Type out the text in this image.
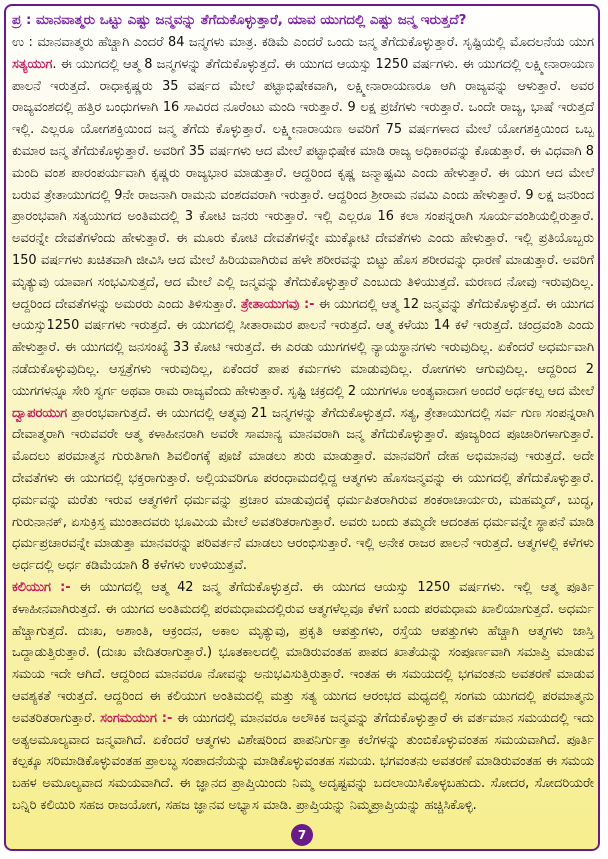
ಪ್ರ : ಮಾನವಾತ್ಮರು ಒಟ್ಟು ಎಷ್ಟು ಜನ್ಮವನ್ನು ತೆಗೆದುಕೊಳ್ಳುತ್ತಾರೆ, ಯಾವ ಯುಗದಲ್ಲಿ ಎಷ್ಟು ಜನ್ಮ ಇರುತ್ತದೆ?
ಉ : ಮಾನವಾತ್ಮರು ಹೆಚ್ಚಾಗಿ ಎಂದರೆ 84 ಜನ್ಮಗಳು ಮಾತ್ರ. ಕಡಿಮೆ ಎಂದರೆ ಒಂದು ಜನ್ಮ ತೆಗೆದುಕೊಳ್ಳುತ್ತಾರೆ. ಸೃಷ್ಟಿಯಲ್ಲಿ ಮೊದಲನೆಯ ಯುಗ ಸತ್ಯಯುಗ. ಈ ಯುಗದಲ್ಲಿ ಆತ್ಮ 8 ಜನ್ಮಗಳನ್ನು ತೆಗೆದುಕೊಳ್ಳುತ್ತದೆ. ಈ ಯುಗದ ಆಯಸ್ಸು 1250 ವರ್ಷಗಳು. ಈ ಯುಗದಲ್ಲಿ ಲಕ್ಷ್ಮೀನಾರಾಯಣ ಪಾಲನೆ ಇರುತ್ತದೆ. ರಾಧಾಕೃಷ್ಣರು 35 ವರ್ಷದ ಮೇಲೆ ಪಟ್ಟಾಭಿಷೇಕವಾಗಿ, ಲಕ್ಷ್ಮೀನಾರಾಯಣರೂ ಆಗಿ ರಾಜ್ಯವನ್ನು ಆಳುತ್ತಾರೆ. ಅವರ ರಾಜ್ಯವಂಶದಲ್ಲಿ ಹತ್ತಿರ ಬಂಧುಗಳಾಗಿ 16 ಸಾವಿರದ ನೂರೆಂಟು ಮಂದಿ ಇರುತ್ತಾರೆ. 9 ಲಕ್ಷ ಪ್ರಜೆಗಳು ಇರುತ್ತಾರೆ. ಒಂದೇ ರಾಜ್ಯ, ಭಾಷೆ ಇರುತ್ತದೆ ಇಲ್ಲಿ. ಎಲ್ಲರೂ ಯೋಗಶಕ್ತಿಯಿಂದ ಜನ್ಮ ತೆಗೆದು ಕೊಳ್ಳುತ್ತಾರೆ. ಲಕ್ಷ್ಮೀನಾರಾಯಣ ಅವರಿಗೆ 75 ವರ್ಷಗಳಾದ ಮೇಲೆ ಯೋಗಶಕ್ತಿಯಿಂದ ಒಬ್ಬ ಕುಮಾರ ಜನ್ಮ ತೆಗೆದುಕೊಳ್ಳುತ್ತಾರೆ. ಅವರಿಗೆ 35 ವರ್ಷಗಳು ಆದ ಮೇಲೆ ಪಟ್ಟಾಭಿಷೇಕ ಮಾಡಿ ರಾಜ್ಯ ಅಧಿಕಾರವನ್ನು ಕೊಡುತ್ತಾರೆ. ಈ ವಿಧವಾಗಿ 8 ಮಂದಿ ವಂಶ ಪಾರಂಪರ್ಯವಾಗಿ ಕೃಷ್ಣರು ರಾಜ್ಯಭಾರ ಮಾಡುತ್ತಾರೆ. ಆದ್ದರಿಂದ ಕೃಷ್ಣ ಜನ್ಮಾಷ್ಟಮಿ ಎಂದು ಹೇಳುತ್ತಾರೆ. ಈ ಯುಗ ಆದ ಮೇಲೆ ಬರುವ ತ್ರೇತಾಯುಗದಲ್ಲಿ 9ನೇ ರಾಜನಾಗಿ ರಾಮನು ವಂಶದವರಾಗಿ ಇರುತ್ತಾರೆ. ಆದ್ದರಿಂದ ಶ್ರೀರಾಮ ನವಮಿ ಎಂದು ಹೇಳುತ್ತಾರೆ. 9 ಲಕ್ಷ ಜನರಿಂದ ಪ್ರಾರಂಭವಾಗಿ ಸತ್ಯಯುಗದ ಅಂತಿಮದಲ್ಲಿ 3 ಕೋಟಿ ಜನರು ಇರುತ್ತಾರೆ. ಇಲ್ಲಿ ಎಲ್ಲರೂ 16 ಕಲಾ ಸಂಪನ್ನರಾಗಿ ಸೂರ್ಯವಂಶಿಯಲ್ಲಿರುತ್ತಾರೆ. ಅವರನ್ನೇ ದೇವತೆಗಳೆಂದು ಹೇಳುತ್ತಾರೆ. ಈ ಮೂರು ಕೋಟಿ ದೇವತೆಗಳನ್ನೇ ಮುಕ್ಕೋಟಿ ದೇವತೆಗಳು ಎಂದು ಹೇಳುತ್ತಾರೆ. ಇಲ್ಲಿ ಪ್ರತಿಯೊಬ್ಬರು 150 ವರ್ಷಗಳು ಖಚಿತವಾಗಿ ಜೀವಿಸಿ ಆದ ಮೇಲೆ ಹಿರಿಯವಾಗಿರುವ ಹಳೇ ಶರೀರವನ್ನು ಬಿಟ್ಟು ಹೊಸ ಶರೀರವನ್ನು ಧಾರಣೆ ಮಾಡುತ್ತಾರೆ. ಅವರಿಗೆ ಮೃತ್ಯುವು ಯಾವಾಗ ಸಂಭವಿಸುತ್ತದೆ, ಆದ ಮೇಲೆ ಎಲ್ಲಿ ಜನ್ಮವನ್ನು ತೆಗೆದುಕೊಳ್ಳುತ್ತಾರೆ ಎಂಬುದು ತಿಳಿಯುತ್ತದೆ. ಮರಣದ ನೋವು ಇರುವುದಿಲ್ಲ. ಆದ್ದರಿಂದ ದೇವತೆಗಳನ್ನು ಅಮರರು ಎಂದು ತಿಳಿಸುತ್ತಾರೆ. ತ್ರೇತಾಯುಗವು :- ಈ ಯುಗದಲ್ಲಿ ಆತ್ಮ 12 ಜನ್ಮವನ್ನು ತೆಗೆದುಕೊಳ್ಳುತ್ತದೆ. ಈ ಯುಗದ ಆಯಸ್ಸು1250 ವರ್ಷಗಳು ಇರುತ್ತದೆ. ಈ ಯುಗದಲ್ಲಿ ಸೀತಾರಾಮರ ಪಾಲನೆ ಇರುತ್ತದೆ. ಆತ್ಮ ಕಳೆಯು 14 ಕಳೆ ಇರುತ್ತದೆ. ಚಂದ್ರವಂಶಿ ಎಂದು ಹೇಳುತ್ತಾರೆ. ಈ ಯುಗದಲ್ಲಿ ಜನಸಂಖ್ಯೆ 33 ಕೋಟಿ ಇರುತ್ತದೆ. ಈ ಎರಡು ಯುಗಗಳಲ್ಲಿ ನ್ಯಾಯಸ್ಥಾನಗಳು ಇರುವುದಿಲ್ಲ. ಏಕೆಂದರೆ ಅಧರ್ಮವಾಗಿ ನಡೆದುಕೊಳ್ಳುವುದಿಲ್ಲ. ಆಸ್ಪತ್ರೆಗಳು ಇರುವುದಿಲ್ಲ, ಏಕೆಂದರೆ ಪಾಪ ಕರ್ಮಗಳು ಮಾಡುವುದಿಲ್ಲ. ರೋಗಗಳು ಆಗುವುದಿಲ್ಲ. ಆದ್ದರಿಂದ 2 ಯುಗಗಳನ್ನೂ ಸೇರಿ ಸ್ವರ್ಗ ಅಥವಾ ರಾಮ ರಾಜ್ಯವೆಂದು ಹೇಳುತ್ತಾರೆ. ಸೃಷ್ಟಿ ಚಕ್ರದಲ್ಲಿ 2 ಯುಗಗಳೂ ಅಂತ್ಯವಾದಾಗ ಅಂದರೆ ಅರ್ಧಕಲ್ಪ ಆದ ಮೇಲೆ ದ್ವಾಪರಯುಗ ಪ್ರಾರಂಭವಾಗುತ್ತದೆ. ಈ ಯುಗದಲ್ಲಿ ಆತ್ಮವು 21 ಜನ್ಮಗಳನ್ನು ತೆಗೆದುಕೊಳ್ಳುತ್ತದೆ. ಸತ್ಯ, ತ್ರೇತಾಯುಗದಲ್ಲಿ ಸರ್ವ ಗುಣ ಸಂಪನ್ನರಾಗಿ ದೇವಾತ್ಮರಾಗಿ ಇರುವವರೇ ಆತ್ಮ ಕಳಾಹೀನರಾಗಿ ಅವರೇ ಸಾಮಾನ್ಯ ಮಾನವರಾಗಿ ಜನ್ಮ ತೆಗೆದುಕೊಳ್ಳುತ್ತಾರೆ. ಪೂಜ್ಯರಿಂದ ಪೂಜಾರಿಗಳಾಗುತ್ತಾರೆ. ಮೊದಲು ಪರಮಾತ್ಮನ ಗುರುತಿಗಾಗಿ ಶಿವಲಿಂಗಕ್ಕೆ ಪೂಜೆ ಮಾಡಲು ಶುರು ಮಾಡುತ್ತಾರೆ. ಮಾನವರಿಗೆ ದೇಹ ಅಭಿಮಾನವು ಇರುತ್ತದೆ. ಅದೇ ದೇವತೆಗಳು ಈ ಯುಗದಲ್ಲಿ ಭಕ್ತರಾಗುತ್ತಾರೆ. ಅಲ್ಲಿಯವರಿಗೂ ಪರಂಧಾಮದಲ್ಲಿದ್ದ ಆತ್ಮಗಳು ಹೊಸಜನ್ಮವನ್ನು ಈ ಯುಗದಲ್ಲಿ ತೆಗೆದುಕೊಳ್ಳುತ್ತಾರೆ. ಧರ್ಮವನ್ನು ಮರೆತು ಇರುವ ಆತ್ಮಗಳಿಗೆ ಧರ್ಮವನ್ನು ಪ್ರಚಾರ ಮಾಡುವುದಕ್ಕೆ ಧರ್ಮಪಿತರಾಗಿರುವ ಶಂಕರಾಚಾರ್ಯರು, ಮಹಮ್ಮದ್, ಬುದ್ಧ, ಗುರುನಾನಕ್, ಏಸುಕ್ರಿಸ್ತ ಮುಂತಾದವರು ಭೂಮಿಯ ಮೇಲೆ ಅವತರಿತರಾಗುತ್ತಾರೆ. ಅವರು ಬಂದು ತಮ್ಮದೇ ಆದಂತಹ ಧರ್ಮವನ್ನೇ ಸ್ಥಾಪನೆ ಮಾಡಿ ಧರ್ಮಪ್ರಚಾರವನ್ನೇ ಮಾಡುತ್ತಾ ಮಾನವರನ್ನು ಪರಿವರ್ತನೆ ಮಾಡಲು ಆರಂಭಿಸುತ್ತಾರೆ. ಇಲ್ಲಿ ಅನೇಕ ರಾಜರ ಪಾಲನೆ ಇರುತ್ತದೆ. ಆತ್ಮಗಳಲ್ಲಿ ಕಳೆಗಳು ಅರ್ಧದಲ್ಲಿ ಅರ್ಧ ಕಡಿಮೆಯಾಗಿ 8 ಕಳೆಗಳು ಉಳಿಯುತ್ತವೆ.
ಕಲಿಯುಗ :- ಈ ಯುಗದಲ್ಲಿ ಆತ್ಮ 42 ಜನ್ಮ ತೆಗೆದುಕೊಳ್ಳುತ್ತದೆ. ಈ ಯುಗದ ಆಯಸ್ಸು 1250 ವರ್ಷಗಳು. ಇಲ್ಲಿ ಆತ್ಮ ಪೂರ್ತಿ ಕಳಾಹೀನವಾಗಿರುತ್ತದೆ. ಈ ಯುಗದ ಅಂತಿಮದಲ್ಲಿ ಪರಮಧಾಮದಲ್ಲಿರುವ ಆತ್ಮಗಳೆಲ್ಲವೂ ಕೆಳಗೆ ಬಂದು ಪರಮಧಾಮ ಖಾಲಿಯಾಗುತ್ತದೆ. ಅಧರ್ಮ ಹೆಚ್ಚಾಗುತ್ತದೆ. ದುಃಖ, ಅಶಾಂತಿ, ಆಕ್ರಂದನ, ಅಕಾಲ ಮೃತ್ಯುವು, ಪ್ರಕೃತಿ ಆಪತ್ತುಗಳು, ರಸ್ತೆಯ ಆಪತ್ತುಗಳು ಹೆಚ್ಚಾಗಿ ಆತ್ಮಗಳು ಜಾಸ್ತಿ ಒದ್ದಾಡುತ್ತಿರುತ್ತಾರೆ. (ದುಃಖ ವೇದಿತರಾಗುತ್ತಾರೆ.) ಭೂತಕಾಲದಲ್ಲಿ ಮಾಡಿರುವಂತಹ ಪಾಪದ ಖಾತೆಯನ್ನು ಸಂಪೂರ್ಣವಾಗಿ ಸಮಾಪ್ತಿ ಮಾಡುವ ಸಮಯ ಇದೇ ಆಗಿದೆ. ಆದ್ದರಿಂದ ಮಾನವರೂ ನೋವನ್ನು ಅನುಭವಿಸುತ್ತಿರುತ್ತಾರೆ. ಇಂತಹ ಈ ಸಮಯದಲ್ಲಿ ಭಗವಂತನು ಅವತರಣೆ ಮಾಡುವ ಆವಶ್ಯಕತೆ ಇರುತ್ತದೆ. ಆದ್ದರಿಂದ ಈ ಕಲಿಯುಗ ಅಂತಿಮದಲ್ಲಿ ಮತ್ತು ಸತ್ಯ ಯುಗದ ಆರಂಭದ ಮಧ್ಯದಲ್ಲಿ ಸಂಗಮ ಯುಗದಲ್ಲಿ ಪರಮಾತ್ಮನು ಅವತರಿತರಾಗುತ್ತಾರೆ. ಸಂಗಮಯುಗ :- ಈ ಯುಗದಲ್ಲಿ ಮಾನವರೂ ಅಲೌಕಿಕ ಜನ್ಮವನ್ನು ತೆಗೆದುಕೊಳ್ಳುತ್ತಾರೆ ಈ ವರ್ತಮಾನ ಸಮಯದಲ್ಲಿ ಇದು ಅತ್ಯಅಮೂಲ್ಯವಾದ ಜನ್ಮವಾಗಿದೆ. ಏಕೆಂದರೆ ಆತ್ಮಗಳು ವಿಶೇಷರಿಂದ ಪಾಪನಿರ್ಗುತ್ತಾ ಕಲೆಗಳನ್ನು ತುಂಬಿಕೊಳ್ಳುವಂತಹ ಸಮಯವಾಗಿದೆ. ಪೂರ್ತಿ ಕಲ್ಪಕ್ಕೂ ಸರಿಮಾಡಿಕೊಳ್ಳುವಂತಹ ಪ್ರಾಲಬ್ಧ ಸಂಪಾದನೆಯನ್ನು ಮಾಡಿಕೊಳ್ಳುವಂತಹ ಸಮಯ. ಭಗವಂತನು ಅವತರಣೆ ಮಾಡಿರುವಂತಹ ಈ ಸಮಯ ಬಹಳ ಅಮೂಲ್ಯವಾದ ಸಮಯವಾಗಿದೆ. ಈ ಜ್ಞಾನದ ಪ್ರಾಪ್ತಿಯಿಂದು ನಿಮ್ಮ ಅದೃಷ್ಟವನ್ನು ಬದಲಾಯಿಸಿಕೊಳ್ಳಬಹುದು. ಸೋದರ, ಸೋದರಿಯರೇ ಬನ್ನಿರಿ ಕಲಿಯಿರಿ ಸಹಜ ರಾಜಯೋಗ, ಸಹಜ ಜ್ಞಾನವ ಅಭ್ಯಾಸ ಮಾಡಿ. ಪ್ರಾಪ್ತಿಯನ್ನು ನಿಮ್ಮಪ್ರಾಪ್ತಿಯನ್ನು ಹಚ್ಚಿಸಿಕೊಳ್ಳಿ.
7
